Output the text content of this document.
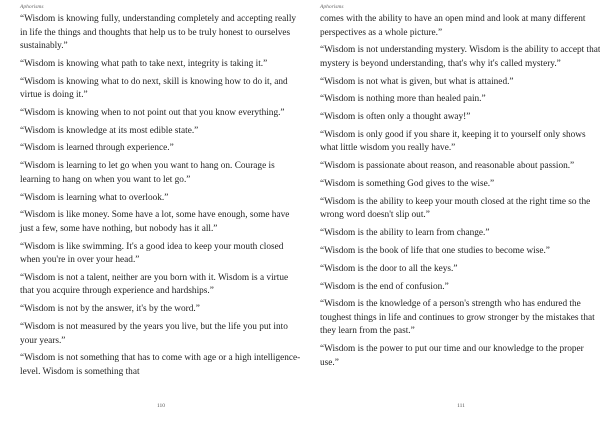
Aphorisms

“Wisdom is knowing fully, understanding completely and accepting really in life the things and thoughts that help us to be truly honest to ourselves sustainably.”

“Wisdom is knowing what path to take next, integrity is taking it.”

“Wisdom is knowing what to do next, skill is knowing how to do it, and virtue is doing it.”

“Wisdom is knowing when to not point out that you know everything.”

“Wisdom is knowledge at its most edible state.”

“Wisdom is learned through experience.”

“Wisdom is learning to let go when you want to hang on. Courage is learning to hang on when you want to let go.”

“Wisdom is learning what to overlook.”

“Wisdom is like money. Some have a lot, some have enough, some have just a few, some have nothing, but nobody has it all.”

“Wisdom is like swimming. It's a good idea to keep your mouth closed when you're in over your head.”

“Wisdom is not a talent, neither are you born with it. Wisdom is a virtue that you acquire through experience and hardships.”

“Wisdom is not by the answer, it's by the word.”

“Wisdom is not measured by the years you live, but the life you put into your years.”

“Wisdom is not something that has to come with age or a high intelligence-level. Wisdom is something that

110
Aphorisms

comes with the ability to have an open mind and look at many different perspectives as a whole picture.”

“Wisdom is not understanding mystery. Wisdom is the ability to accept that mystery is beyond understanding, that's why it's called mystery.”

“Wisdom is not what is given, but what is attained.”

“Wisdom is nothing more than healed pain.”

“Wisdom is often only a thought away!”

“Wisdom is only good if you share it, keeping it to yourself only shows what little wisdom you really have.”

“Wisdom is passionate about reason, and reasonable about passion.”

“Wisdom is something God gives to the wise.”

“Wisdom is the ability to keep your mouth closed at the right time so the wrong word doesn't slip out.”

“Wisdom is the ability to learn from change.”

“Wisdom is the book of life that one studies to become wise.”

“Wisdom is the door to all the keys.”

“Wisdom is the end of confusion.”

“Wisdom is the knowledge of a person's strength who has endured the toughest things in life and continues to grow stronger by the mistakes that they learn from the past.”

“Wisdom is the power to put our time and our knowledge to the proper use.”

111
